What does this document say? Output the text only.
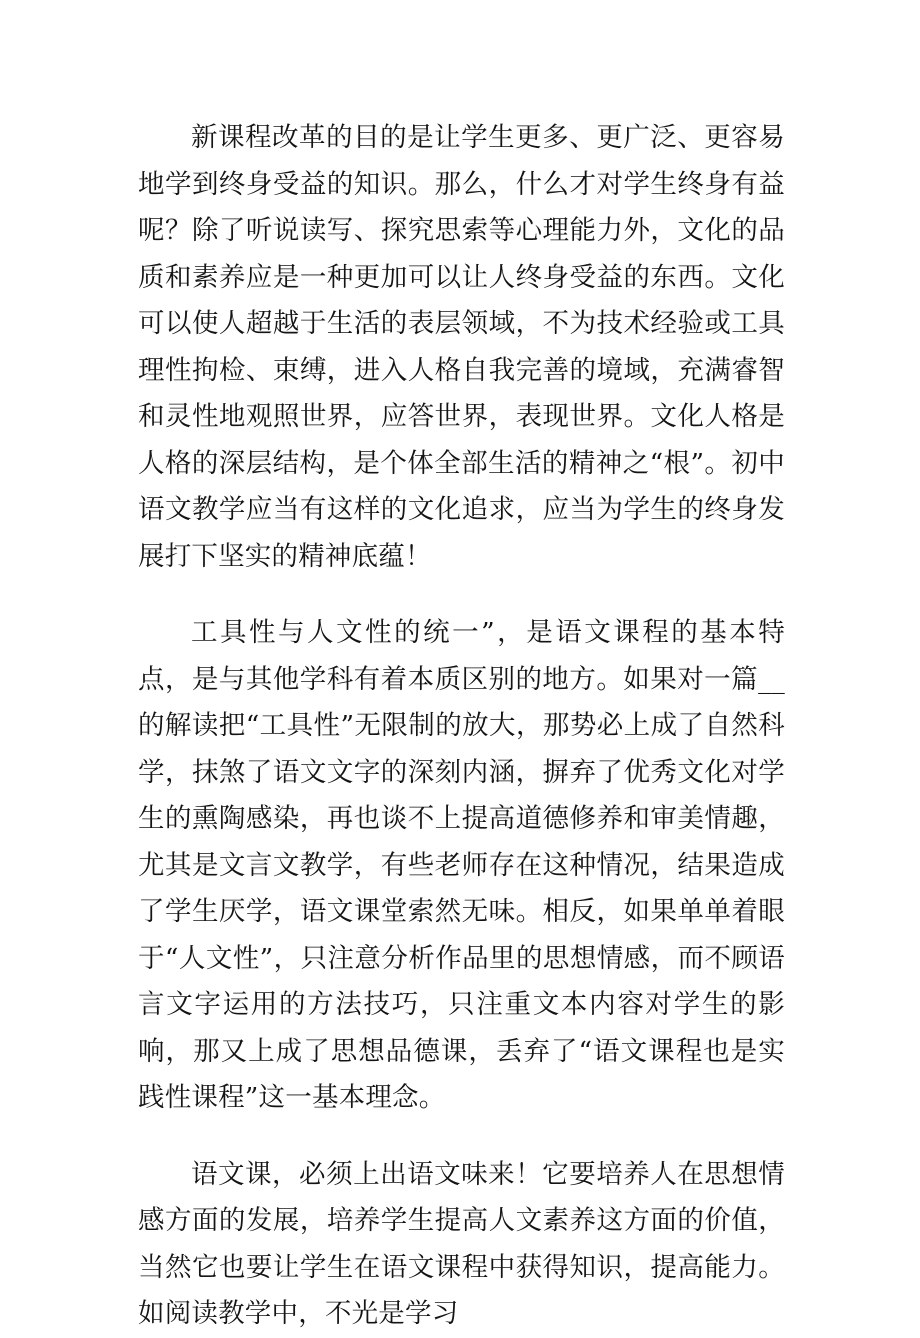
新课程改革的目的是让学生更多、更广泛、更容易地学到终身受益的知识。那么，什么才对学生终身有益呢？除了听说读写、探究思索等心理能力外，文化的品质和素养应是一种更加可以让人终身受益的东西。文化可以使人超越于生活的表层领域，不为技术经验或工具理性拘检、束缚，进入人格自我完善的境域，充满睿智和灵性地观照世界，应答世界，表现世界。文化人格是人格的深层结构，是个体全部生活的精神之“根”。初中语文教学应当有这样的文化追求，应当为学生的终身发展打下坚实的精神底蕴！

工具性与人文性的统一”，是语文课程的基本特点，是与其他学科有着本质区别的地方。如果对一篇__的解读把“工具性”无限制的放大，那势必上成了自然科学，抹煞了语文文字的深刻内涵，摒弃了优秀文化对学生的熏陶感染，再也谈不上提高道德修养和审美情趣，尤其是文言文教学，有些老师存在这种情况，结果造成了学生厌学，语文课堂索然无味。相反，如果单单着眼于“人文性”，只注意分析作品里的思想情感，而不顾语言文字运用的方法技巧，只注重文本内容对学生的影响，那又上成了思想品德课，丢弃了“语文课程也是实践性课程”这一基本理念。

语文课，必须上出语文味来！它要培养人在思想情感方面的发展，培养学生提高人文素养这方面的价值，当然它也要让学生在语文课程中获得知识，提高能力。如阅读教学中，不光是学习
